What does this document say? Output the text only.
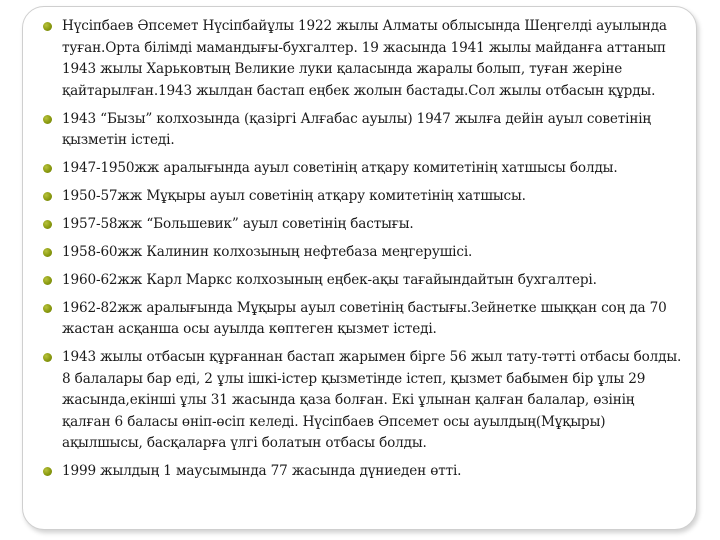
Нүсіпбаев Әпсемет Нүсіпбайұлы 1922 жылы Алматы облысында Шеңгелді ауылында туған.Орта білімді мамандығы-бухгалтер. 19 жасында 1941 жылы майданға аттанып 1943 жылы Харьковтың Великие луки қаласында жаралы болып, туған жеріне қайтарылған.1943 жылдан бастап еңбек жолын бастады.Сол жылы отбасын құрды.
1943 “Бызы” колхозында (қазіргі Алғабас ауылы) 1947 жылға дейін ауыл советінің қызметін істеді.
1947-1950жж аралығында ауыл советінің атқару комитетінің хатшысы болды.
1950-57жж Мұқыры ауыл советінің атқару комитетінің хатшысы.
1957-58жж “Большевик” ауыл советінің бастығы.
1958-60жж Калинин колхозының нефтебаза меңгерушісі.
1960-62жж Карл Маркс колхозының еңбек-ақы тағайындайтын бухгалтері.
1962-82жж аралығында Мұқыры ауыл советінің бастығы.Зейнетке шыққан соң да 70 жастан асқанша осы ауылда көптеген қызмет істеді.
1943 жылы отбасын құрғаннан бастап жарымен бірге 56 жыл тату-тәтті отбасы болды. 8 балалары бар еді, 2 ұлы ішкі-істер қызметінде істеп, қызмет бабымен бір ұлы 29 жасында,екінші ұлы 31 жасында қаза болған. Екі ұлынан қалған балалар, өзінің қалған 6 баласы өніп-өсіп келеді. Нүсіпбаев Әпсемет осы ауылдың(Мұқыры) ақылшысы, басқаларға үлгі болатын отбасы болды.
1999 жылдың 1 маусымында 77 жасында дүниеден өтті.
